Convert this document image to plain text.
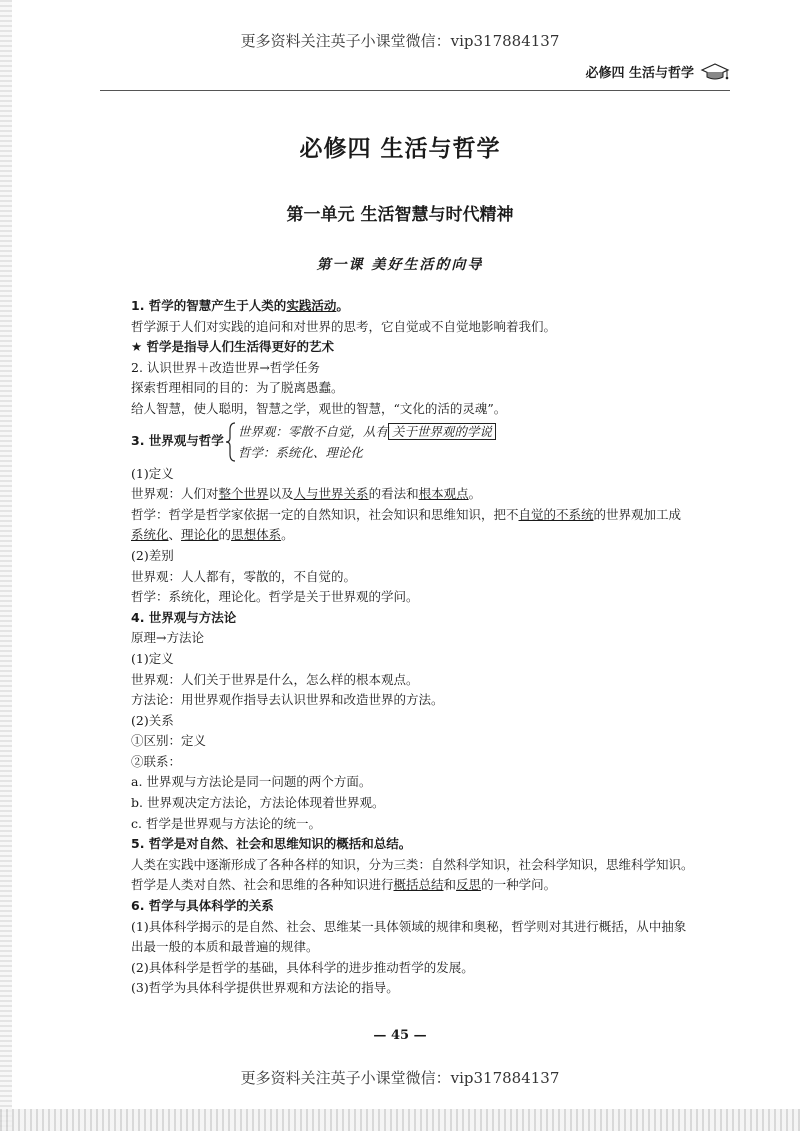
更多资料关注英子小课堂微信：vip317884137
必修四 生活与哲学
必修四 生活与哲学
第一单元 生活智慧与时代精神
第一课 美好生活的向导

1. 哲学的智慧产生于人类的实践活动。

哲学源于人们对实践的追问和对世界的思考，它自觉或不自觉地影响着我们。

★ 哲学是指导人们生活得更好的艺术

2. 认识世界＋改造世界→哲学任务

探索哲理相同的目的：为了脱离愚蠢。

给人智慧，使人聪明，智慧之学，观世的智慧，“文化的活的灵魂”。

3. 世界观与哲学
世界观：零散不自觉，从有 关于世界观的学说
哲学：系统化、理论化

(1)定义

世界观：人们对整个世界以及人与世界关系的看法和根本观点。

哲学：哲学是哲学家依据一定的自然知识，社会知识和思维知识，把不自觉的不系统的世界观加工成

系统化、理论化的思想体系。

(2)差别

世界观：人人都有，零散的，不自觉的。

哲学：系统化，理论化。哲学是关于世界观的学问。

4. 世界观与方法论

原理→方法论

(1)定义

世界观：人们关于世界是什么，怎么样的根本观点。

方法论：用世界观作指导去认识世界和改造世界的方法。

(2)关系

①区别：定义

②联系：

a. 世界观与方法论是同一问题的两个方面。

b. 世界观决定方法论，方法论体现着世界观。

c. 哲学是世界观与方法论的统一。

5. 哲学是对自然、社会和思维知识的概括和总结。

人类在实践中逐渐形成了各种各样的知识，分为三类：自然科学知识，社会科学知识，思维科学知识。

哲学是人类对自然、社会和思维的各种知识进行概括总结和反思的一种学问。

6. 哲学与具体科学的关系

(1)具体科学揭示的是自然、社会、思维某一具体领域的规律和奥秘，哲学则对其进行概括，从中抽象

出最一般的本质和最普遍的规律。

(2)具体科学是哲学的基础，具体科学的进步推动哲学的发展。

(3)哲学为具体科学提供世界观和方法论的指导。

— 45 —
更多资料关注英子小课堂微信：vip317884137
